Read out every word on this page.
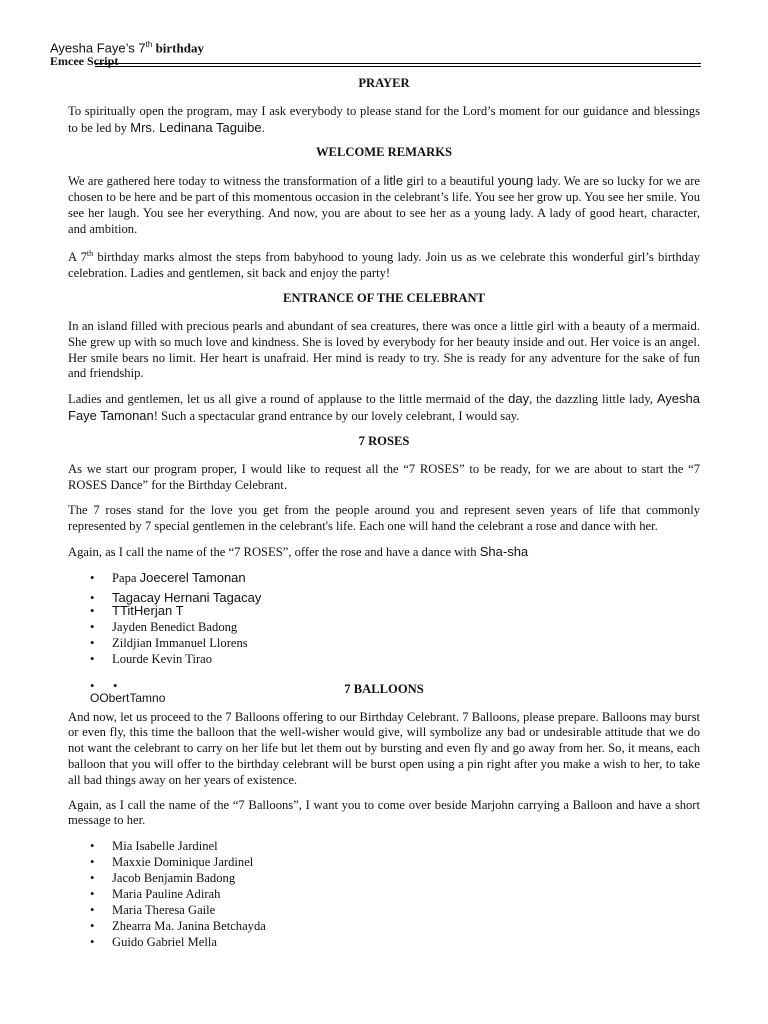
Ayesha Faye’s 7th birthday
Emcee Script
PRAYER

To spiritually open the program, may I ask everybody to please stand for the Lord’s moment for our guidance and blessings to be led by Mrs. Ledinana Taguibe.

WELCOME REMARKS

We are gathered here today to witness the transformation of a litle girl to a beautiful young lady. We are so lucky for we are chosen to be here and be part of this momentous occasion in the celebrant’s life. You see her grow up. You see her smile. You see her laugh. You see her everything. And now, you are about to see her as a young lady. A lady of good heart, character, and ambition.

A 7th birthday marks almost the steps from babyhood to young lady. Join us as we celebrate this wonderful girl’s birthday celebration. Ladies and gentlemen, sit back and enjoy the party!

ENTRANCE OF THE CELEBRANT

In an island filled with precious pearls and abundant of sea creatures, there was once a little girl with a beauty of a mermaid. She grew up with so much love and kindness. She is loved by everybody for her beauty inside and out. Her voice is an angel. Her smile bears no limit. Her heart is unafraid. Her mind is ready to try. She is ready for any adventure for the sake of fun and friendship.

Ladies and gentlemen, let us all give a round of applause to the little mermaid of the day, the dazzling little lady, Ayesha Faye Tamonan! Such a spectacular grand entrance by our lovely celebrant, I would say.

7 ROSES

As we start our program proper, I would like to request all the “7 ROSES” to be ready, for we are about to start the “7 ROSES Dance” for the Birthday Celebrant.

The 7 roses stand for the love you get from the people around you and represent seven years of life that commonly represented by 7 special gentlemen in the celebrant's life. Each one will hand the celebrant a rose and dance with her.

Again, as I call the name of the “7 ROSES”, offer the rose and have a dance with Sha-sha

• Papa Joecerel Tamonan
• Tagacay Hernani Tagacay
• TTitHerjan T
• Jayden Benedict Badong
• Zildjian Immanuel Llorens
• Lourde Kevin Tirao
• •
OObertTamno
7 BALLOONS

And now, let us proceed to the 7 Balloons offering to our Birthday Celebrant. 7 Balloons, please prepare. Balloons may burst or even fly, this time the balloon that the well-wisher would give, will symbolize any bad or undesirable attitude that we do not want the celebrant to carry on her life but let them out by bursting and even fly and go away from her. So, it means, each balloon that you will offer to the birthday celebrant will be burst open using a pin right after you make a wish to her, to take all bad things away on her years of existence.

Again, as I call the name of the “7 Balloons”, I want you to come over beside Marjohn carrying a Balloon and have a short message to her.

• Mia Isabelle Jardinel
• Maxxie Dominique Jardinel
• Jacob Benjamin Badong
• Maria Pauline Adirah
• Maria Theresa Gaile
• Zhearra Ma. Janina Betchayda
• Guido Gabriel Mella
